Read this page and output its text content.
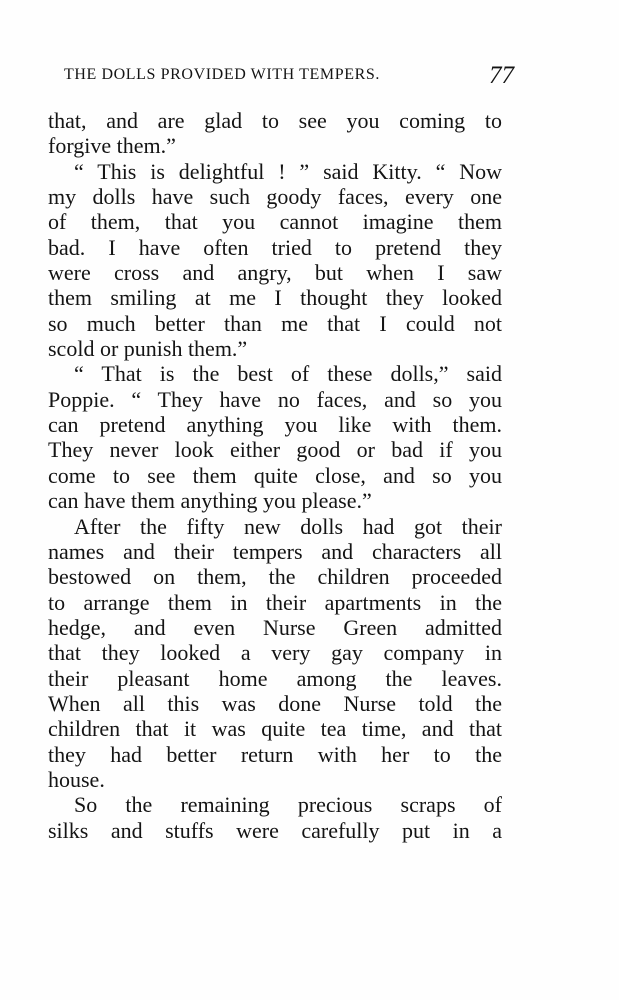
THE DOLLS PROVIDED WITH TEMPERS.	77
that, and are glad to see you coming to
forgive them.”
“ This is delightful ! ” said Kitty. “ Now
my dolls have such goody faces, every one
of them, that you cannot imagine them
bad. I have often tried to pretend they
were cross and angry, but when I saw
them smiling at me I thought they looked
so much better than me that I could not
scold or punish them.”
“ That is the best of these dolls,” said
Poppie. “ They have no faces, and so you
can pretend anything you like with them.
They never look either good or bad if you
come to see them quite close, and so you
can have them anything you please.”
After the fifty new dolls had got their
names and their tempers and characters all
bestowed on them, the children proceeded
to arrange them in their apartments in the
hedge, and even Nurse Green admitted
that they looked a very gay company in
their pleasant home among the leaves.
When all this was done Nurse told the
children that it was quite tea time, and that
they had better return with her to the
house.
So the remaining precious scraps of
silks and stuffs were carefully put in a
